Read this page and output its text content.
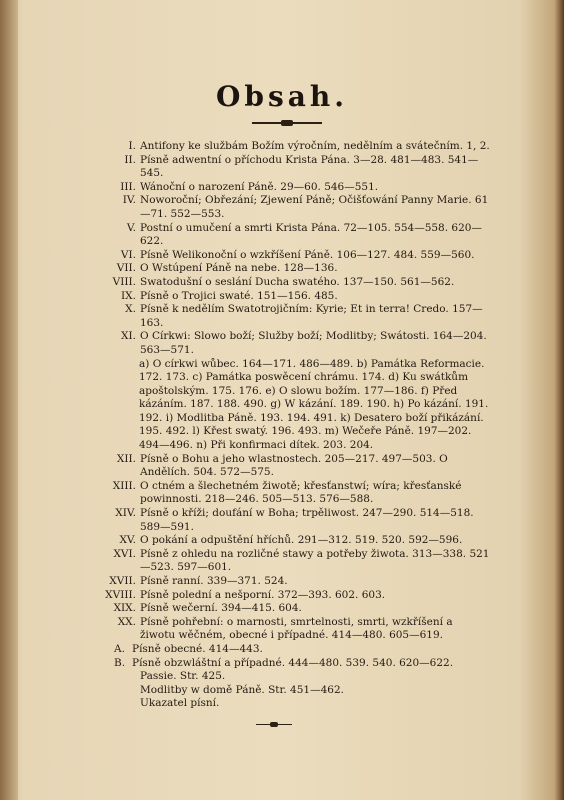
Obsah.
I. Antifony ke službám Božím výročním, nedělním a svátečním. 1, 2.
II. Písně adwentní o příchodu Krista Pána. 3—28. 481—483. 541—545.
III. Wánoční o narození Páně. 29—60. 546—551.
IV. Noworoční; Obřezání; Zjewení Páně; Očišťowání Panny Marie. 61—71. 552—553.
V. Postní o umučení a smrti Krista Pána. 72—105. 554—558. 620—622.
VI. Písně Welikonoční o wzkříšení Páně. 106—127. 484. 559—560.
VII. O Wstúpení Páně na nebe. 128—136.
VIII. Swatodušní o seslání Ducha swatého. 137—150. 561—562.
IX. Písně o Trojici swaté. 151—156. 485.
X. Písně k nedělím Swatotrojičním: Kyrie; Et in terra! Credo. 157—163.
XI. O Církwi: Slowo boží; Služby boží; Modlitby; Swátosti. 164—204. 563—571.
a) O církwi wůbec. 164—171. 486—489. b) Památka Reformacie. 172. 173. c) Památka poswěcení chrámu. 174. d) Ku swátkům apoštolským. 175. 176. e) O slowu božím. 177—186. f) Před kázáním. 187. 188. 490. g) W kázání. 189. 190. h) Po kázání. 191. 192. i) Modlitba Páně. 193. 194. 491. k) Desatero boží přikázání. 195. 492. l) Křest swatý. 196. 493. m) Wečeře Páně. 197—202. 494—496. n) Při konfirmaci dítek. 203. 204.
XII. Písně o Bohu a jeho wlastnostech. 205—217. 497—503. O Andělích. 504. 572—575.
XIII. O ctném a šlechetném žiwotě; křesťanstwí; wíra; křesťanské powinnosti. 218—246. 505—513. 576—588.
XIV. Písně o kříži; doufání w Boha; trpěliwost. 247—290. 514—518. 589—591.
XV. O pokání a odpuštění hříchů. 291—312. 519. 520. 592—596.
XVI. Písně z ohledu na rozličné stawy a potřeby žiwota. 313—338. 521—523. 597—601.
XVII. Písně ranní. 339—371. 524.
XVIII. Písně polední a nešporní. 372—393. 602. 603.
XIX. Písně wečerní. 394—415. 604.
XX. Písně pohřební: o marnosti, smrtelnosti, smrti, wzkříšení a žiwotu wěčném, obecné i případné. 414—480. 605—619.
A. Písně obecné. 414—443.
B. Písně obzwláštní a případné. 444—480. 539. 540. 620—622.
Passie. Str. 425.
Modlitby w domě Páně. Str. 451—462.
Ukazatel písní.
